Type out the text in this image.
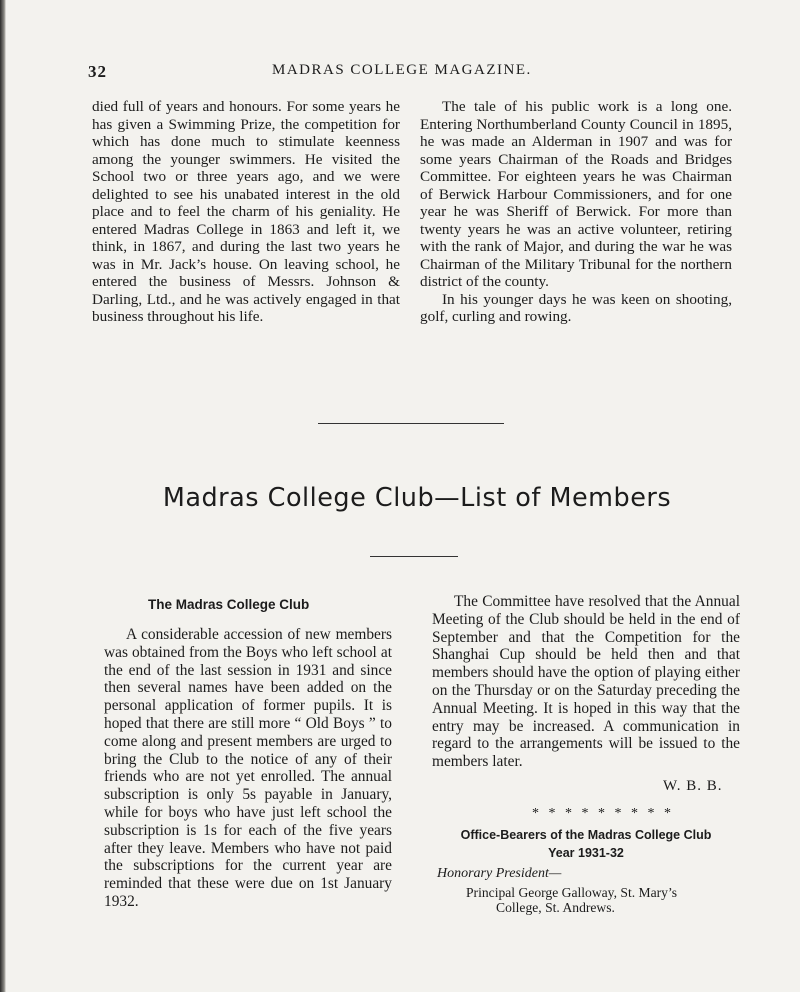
32	MADRAS COLLEGE MAGAZINE.

died full of years and honours. For some years he has given a Swimming Prize, the competition for which has done much to stimulate keenness among the younger swimmers. He visited the School two or three years ago, and we were delighted to see his unabated interest in the old place and to feel the charm of his geniality. He entered Madras College in 1863 and left it, we think, in 1867, and during the last two years he was in Mr. Jack’s house. On leaving school, he entered the business of Messrs. Johnson & Darling, Ltd., and he was actively engaged in that business throughout his life.

The tale of his public work is a long one. Entering Northumberland County Council in 1895, he was made an Alderman in 1907 and was for some years Chairman of the Roads and Bridges Committee. For eighteen years he was Chairman of Berwick Harbour Commissioners, and for one year he was Sheriff of Berwick. For more than twenty years he was an active volunteer, retiring with the rank of Major, and during the war he was Chairman of the Military Tribunal for the northern district of the county.

In his younger days he was keen on shooting, golf, curling and rowing.

Madras College Club—List of Members
The Madras College Club

A considerable accession of new members was obtained from the Boys who left school at the end of the last session in 1931 and since then several names have been added on the personal application of former pupils. It is hoped that there are still more “ Old Boys ” to come along and present members are urged to bring the Club to the notice of any of their friends who are not yet enrolled. The annual subscription is only 5s payable in January, while for boys who have just left school the subscription is 1s for each of the five years after they leave. Members who have not paid the subscriptions for the current year are reminded that these were due on 1st January 1932.

The Committee have resolved that the Annual Meeting of the Club should be held in the end of September and that the Competition for the Shanghai Cup should be held then and that members should have the option of playing either on the Thursday or on the Saturday preceding the Annual Meeting. It is hoped in this way that the entry may be increased. A communication in regard to the arrangements will be issued to the members later.

W. B. B.
* * * * * * * * *
Office-Bearers of the Madras College Club
Year 1931-32
Honorary President—
Principal George Galloway, St. Mary’s
College, St. Andrews.
